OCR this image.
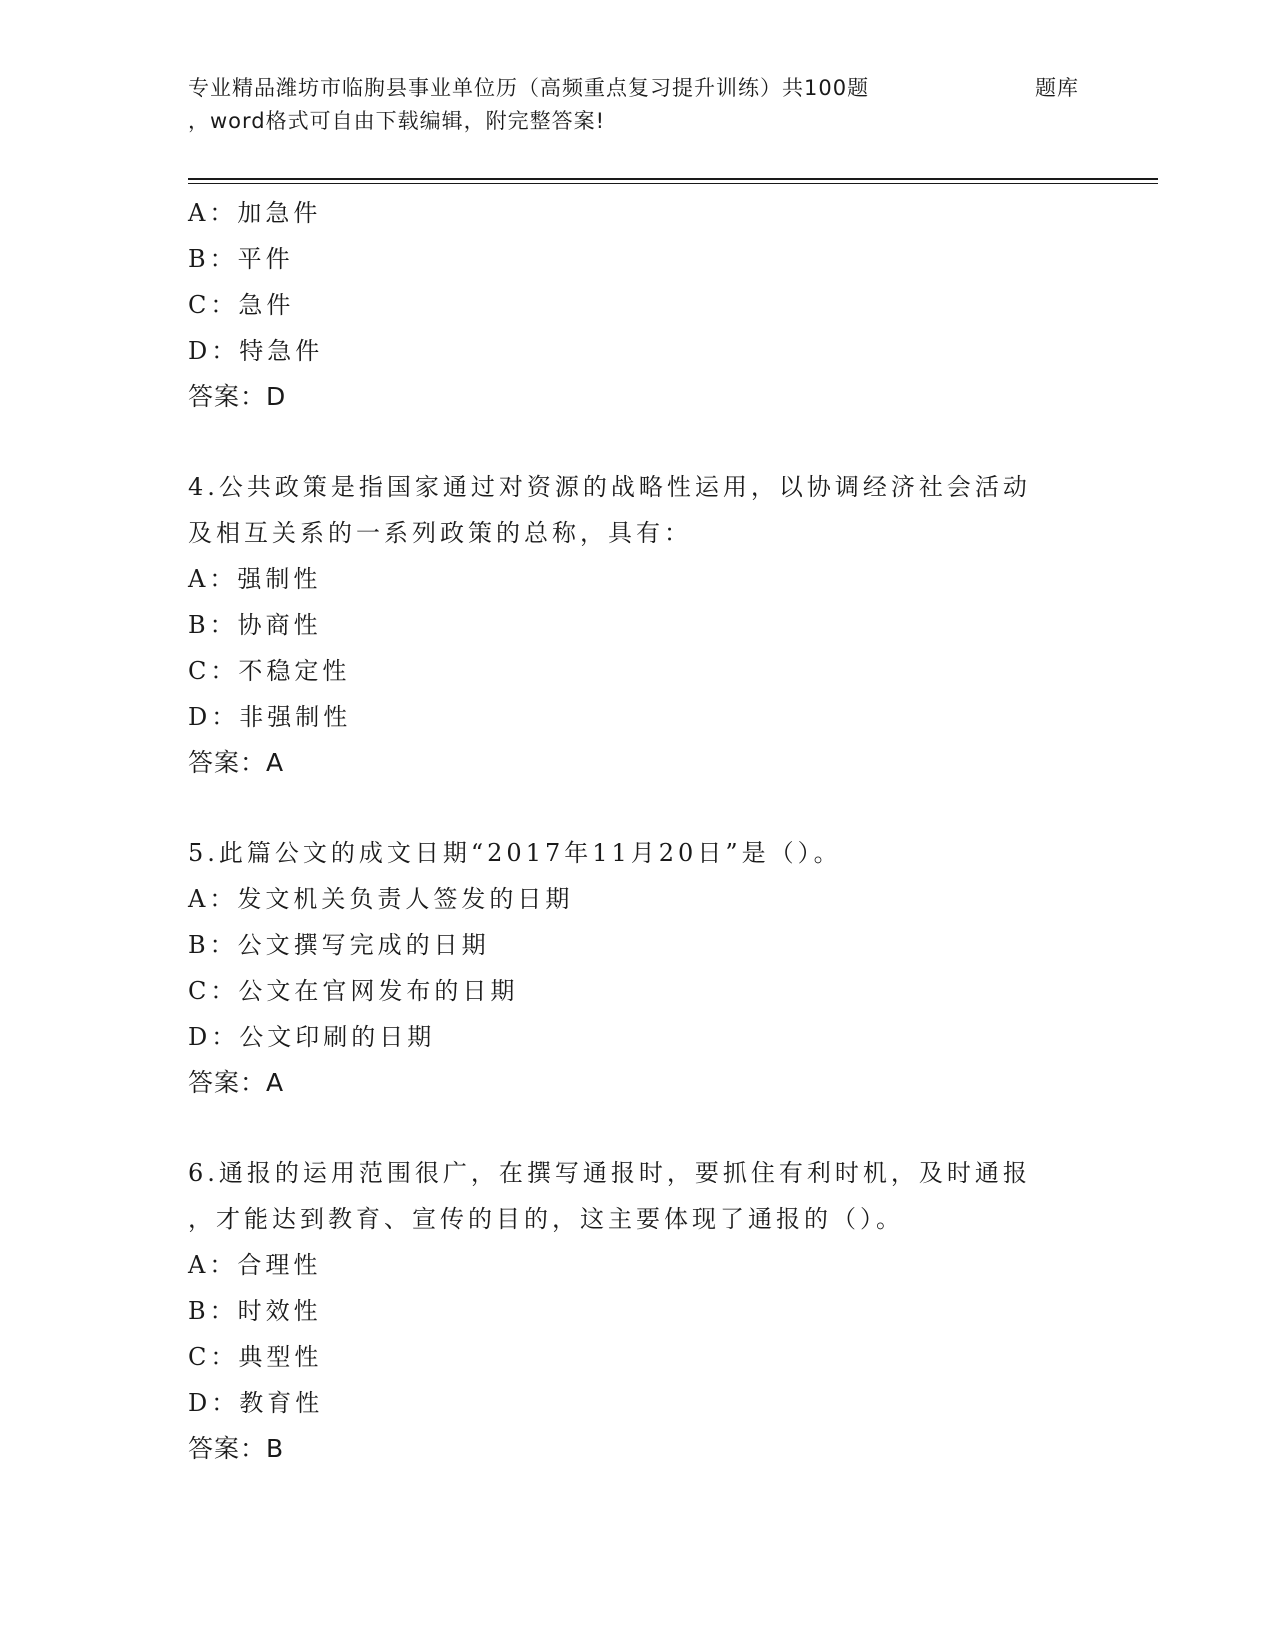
专业精品潍坊市临朐县事业单位历（高频重点复习提升训练）共100题
，word格式可自由下载编辑，附完整答案!
题库
A：加急件
B：平件
C：急件
D：特急件
答案：D
4.公共政策是指国家通过对资源的战略性运用，以协调经济社会活动
及相互关系的一系列政策的总称，具有：
A：强制性
B：协商性
C：不稳定性
D：非强制性
答案：A
5.此篇公文的成文日期“2017年11月20日”是（）。
A：发文机关负责人签发的日期
B：公文撰写完成的日期
C：公文在官网发布的日期
D：公文印刷的日期
答案：A
6.通报的运用范围很广，在撰写通报时，要抓住有利时机，及时通报
，才能达到教育、宣传的目的，这主要体现了通报的（）。
A：合理性
B：时效性
C：典型性
D：教育性
答案：B
